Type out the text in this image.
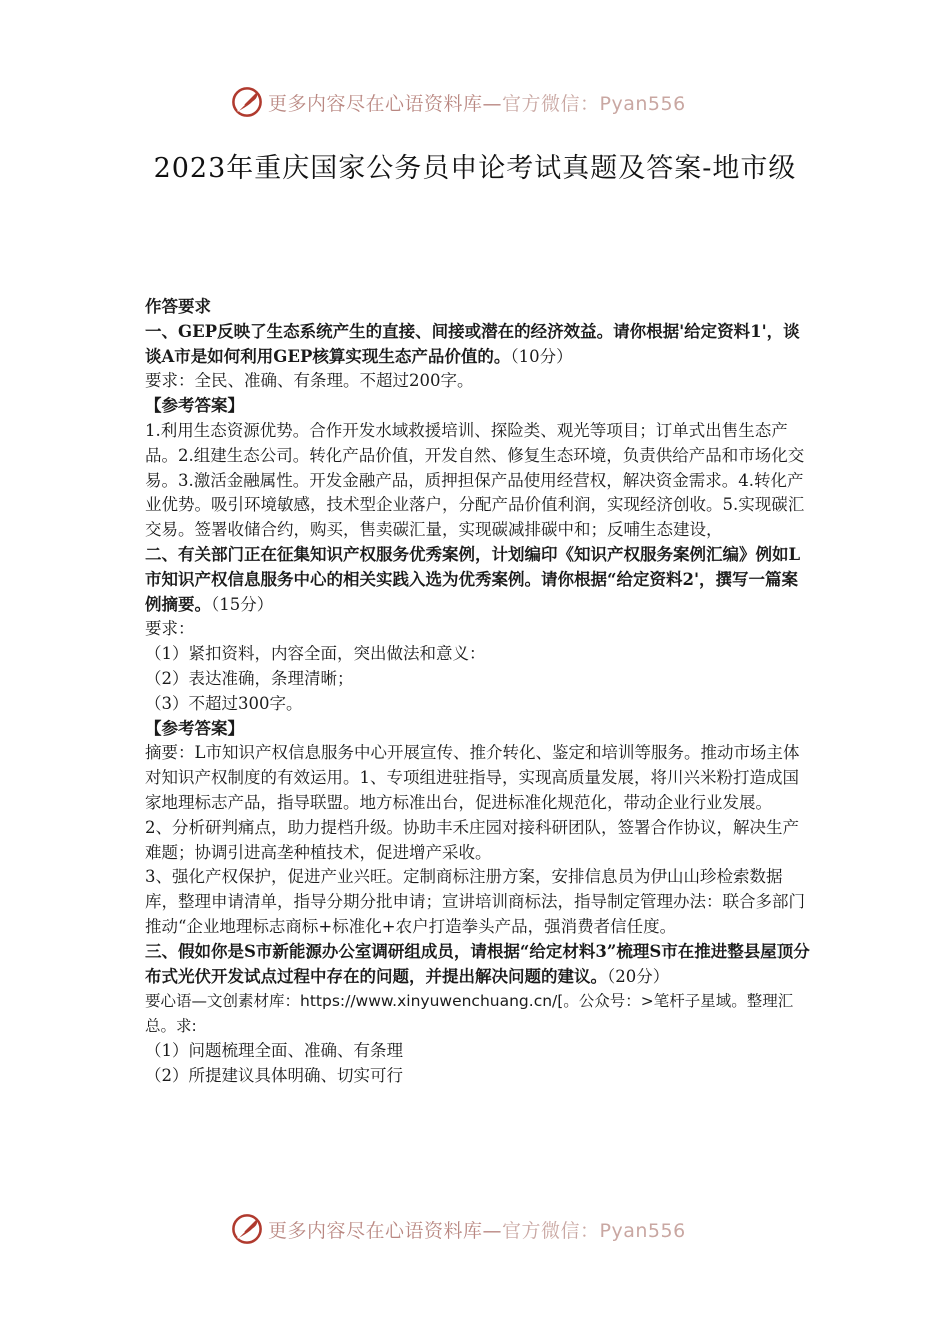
更多内容尽在心语资料库—官方微信：Pyan556
2023年重庆国家公务员申论考试真题及答案-地市级

作答要求

一、GEP反映了生态系统产生的直接、间接或潜在的经济效益。请你根据'给定资料1'，谈谈A市是如何利用GEP核算实现生态产品价值的。（10分）

要求：全民、准确、有条理。不超过200字。

【参考答案】

1.利用生态资源优势。合作开发水域救援培训、探险类、观光等项目；订单式出售生态产品。2.组建生态公司。转化产品价值，开发自然、修复生态环境，负责供给产品和市场化交易。3.激活金融属性。开发金融产品，质押担保产品使用经营权，解决资金需求。4.转化产业优势。吸引环境敏感，技术型企业落户，分配产品价值利润，实现经济创收。5.实现碳汇交易。签署收储合约，购买，售卖碳汇量，实现碳减排碳中和；反哺生态建设，

二、有关部门正在征集知识产权服务优秀案例，计划编印《知识产权服务案例汇编》例如L市知识产权信息服务中心的相关实践入选为优秀案例。请你根据“给定资料2'，撰写一篇案例摘要。（15分）

要求：

（1）紧扣资料，内容全面，突出做法和意义：

（2）表达准确，条理清晰；

（3）不超过300字。

【参考答案】

摘要：L市知识产权信息服务中心开展宣传、推介转化、鉴定和培训等服务。推动市场主体对知识产权制度的有效运用。1、专项组进驻指导，实现高质量发展，将川兴米粉打造成国家地理标志产品，指导联盟。地方标准出台，促进标准化规范化，带动企业行业发展。

2、分析研判痛点，助力提档升级。协助丰禾庄园对接科研团队，签署合作协议，解决生产难题；协调引进高垄种植技术，促进增产采收。

3、强化产权保护，促进产业兴旺。定制商标注册方案，安排信息员为伊山山珍检索数据库，整理申请清单，指导分期分批申请；宣讲培训商标法，指导制定管理办法：联合多部门推动“企业地理标志商标+标准化+农户打造拳头产品，强消费者信任度。

三、假如你是S市新能源办公室调研组成员，请根据“给定材料3”梳理S市在推进整县屋顶分布式光伏开发试点过程中存在的问题，并提出解决问题的建议。（20分）

要心语—文创素材库：https://www.xinyuwenchuang.cn/[。公众号：>笔杆子星域。整理汇总。求:

（1）问题梳理全面、准确、有条理

（2）所提建议具体明确、切实可行

更多内容尽在心语资料库—官方微信：Pyan556
